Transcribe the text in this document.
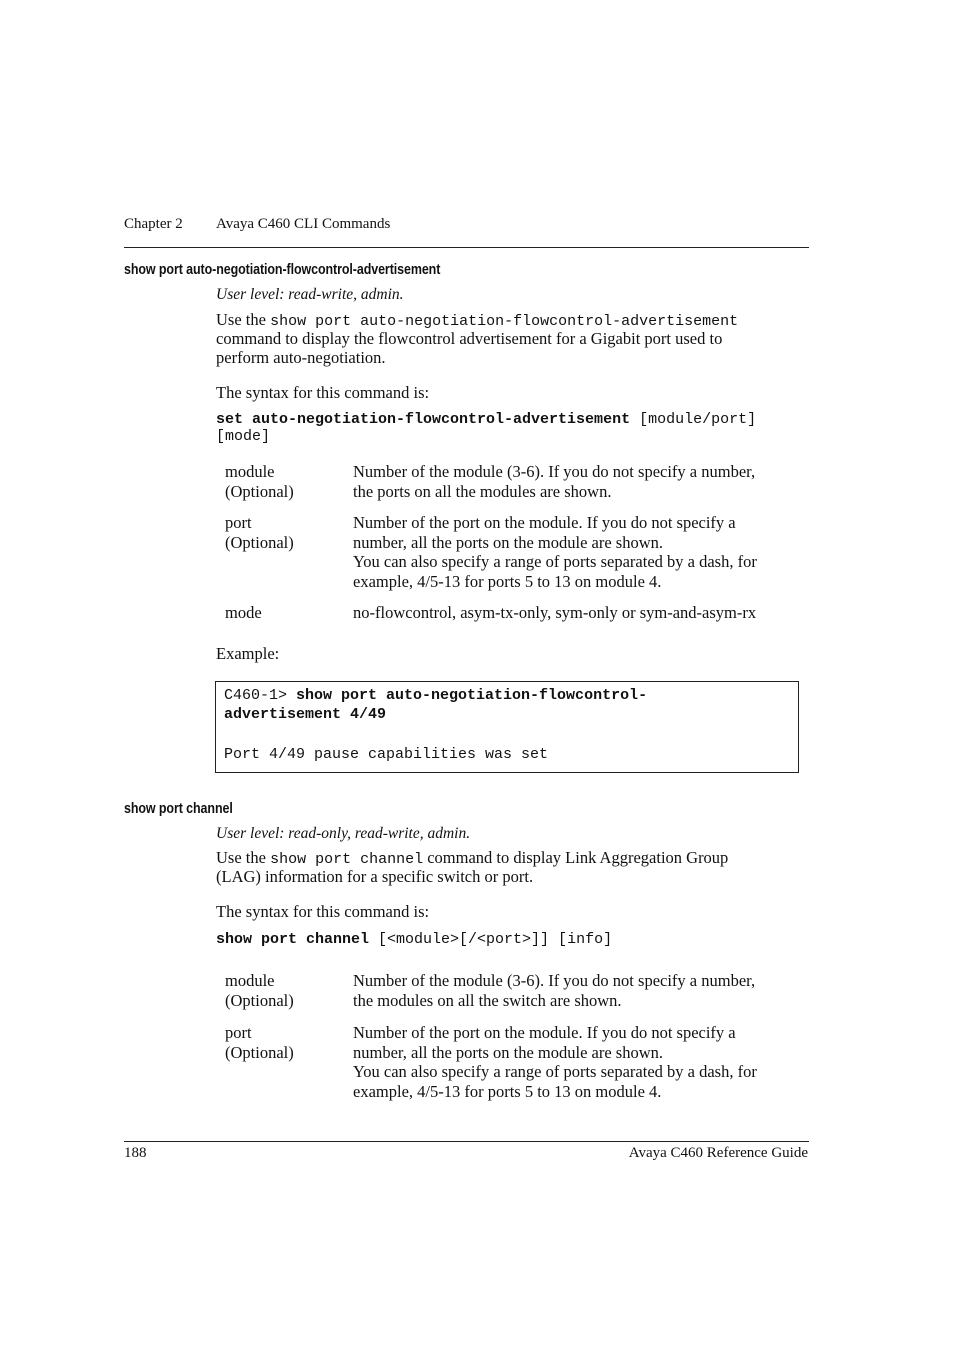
Chapter 2 Avaya C460 CLI Commands
show port auto-negotiation-flowcontrol-advertisement
User level: read-write, admin.
Use the show port auto-negotiation-flowcontrol-advertisement
command to display the flowcontrol advertisement for a Gigabit port used to
perform auto-negotiation.
The syntax for this command is:
set auto-negotiation-flowcontrol-advertisement [module/port]
[mode]
module
(Optional)
Number of the module (3-6). If you do not specify a number,
the ports on all the modules are shown.
port
(Optional)
Number of the port on the module. If you do not specify a
number, all the ports on the module are shown.
You can also specify a range of ports separated by a dash, for
example, 4/5-13 for ports 5 to 13 on module 4.
mode	no-flowcontrol, asym-tx-only, sym-only or sym-and-asym-rx
Example:
C460-1> show port auto-negotiation-flowcontrol-
advertisement 4/49
Port 4/49 pause capabilities was set
show port channel
User level: read-only, read-write, admin.
Use the show port channel command to display Link Aggregation Group
(LAG) information for a specific switch or port.
The syntax for this command is:
show port channel [<module>[/<port>]] [info]
module
(Optional)
Number of the module (3-6). If you do not specify a number,
the modules on all the switch are shown.
port
(Optional)
Number of the port on the module. If you do not specify a
number, all the ports on the module are shown.
You can also specify a range of ports separated by a dash, for
example, 4/5-13 for ports 5 to 13 on module 4.
188	Avaya C460 Reference Guide
